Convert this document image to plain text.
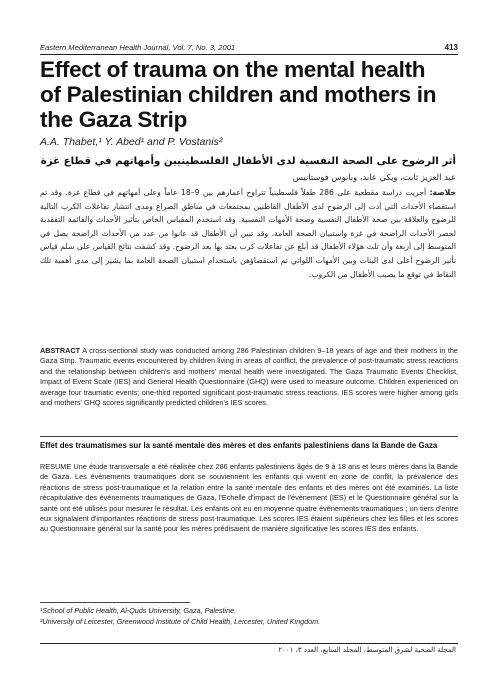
Eastern Mediterranean Health Journal, Vol. 7, No. 3, 2001	413
Effect of trauma on the mental health
of Palestinian children and mothers in
the Gaza Strip
A.A. Thabet,¹ Y. Abed¹ and P. Vostanis²
أثر الرضوح على الصحة النفسية لدى الأطفال الفلسطينيين وأمهاتهم في قطاع غزة
عبد العزيز ثابت، ويكي عابد، وبانوس فوستانيس
خلاصة: أجريت دراسة مقطعية على 286 طفلاً فلسطينياً تتراوح أعمارهم بين 9–18 عاماً وعلى أمهاتهم في قطاع غزة. وقد تم استقصاء الأحداث التي أدت إلى الرضوح لدى الأطفال القاطنين بمجتمعات في مناطق الصراع ومدى انتشار تفاعلات الكرب التالية للرضوح والعلاقة بين صحة الأطفال النفسية وصحة الأمهات النفسية. وقد استخدم المقياس الخاص بتأثير الأحداث والقائمة التفقدية لحصر الأحداث الراضحة في غزة واستبيان الصحة العامة. وقد تبين أن الأطفال قد عانوا من عدد من الأحداث الراضحة يصل في المتوسط إلى أربعة وأن ثلث هؤلاء الأطفال قد أبلغ عن تفاعلات كرب يعتد بها بعد الرضوح. وقد كشفت نتائج القياس على سلم قياس تأثير الرضوح أعلى لدى البنات وبين الأمهات اللواتي تم استقصاؤهن باستخدام استبيان الصحة العامة بما يشير إلى مدى أهمية تلك النقاط في توقع ما يصيب الأطفال من الكروب.
ABSTRACT A cross-sectional study was conducted among 286 Palestinian children 9–18 years of age and their mothers in the Gaza Strip. Traumatic events encountered by children living in areas of conflict, the prevalence of post-traumatic stress reactions and the relationship between children's and mothers' mental health were investigated. The Gaza Traumatic Events Checklist, Impact of Event Scale (IES) and General Health Questionnaire (GHQ) were used to measure outcome. Children experienced on average four traumatic events; one-third reported significant post-traumatic stress reactions. IES scores were higher among girls and mothers' GHQ scores significantly predicted children's IES scores.
Effet des traumatismes sur la santé mentale des mères et des enfants palestiniens dans la Bande de Gaza
RESUME Une étude transversale a été réalisée chez 286 enfants palestiniens âgés de 9 à 18 ans et leurs mères dans la Bande de Gaza. Les événements traumatiques dont se souviennent les enfants qui vivent en zone de conflit, la prévalence des réactions de stress post-traumatique et la relation entre la santé mentale des enfants et des mères ont été examinés. La liste récapitulative des événements traumatiques de Gaza, l'Echelle d'impact de l'événement (IES) et le Questionnaire général sur la santé ont été utilisés pour mesurer le résultat. Les enfants ont eu en moyenne quatre événements traumatiques ; un tiers d'entre eux signalaient d'importantes réactions de stress post-traumatique. Les scores IES étaient supérieurs chez les filles et les scores au Questionnaire général sur la santé pour les mères prédisaient de manière significative les scores IES des enfants.
¹School of Public Health, Al-Quds University, Gaza, Palestine.
²University of Leicester, Greenwood Institute of Child Health, Leicester, United Kingdom.
المجلة الصحية لشرق المتوسط، المجلد السابع، العدد ٣، ٢٠٠١
